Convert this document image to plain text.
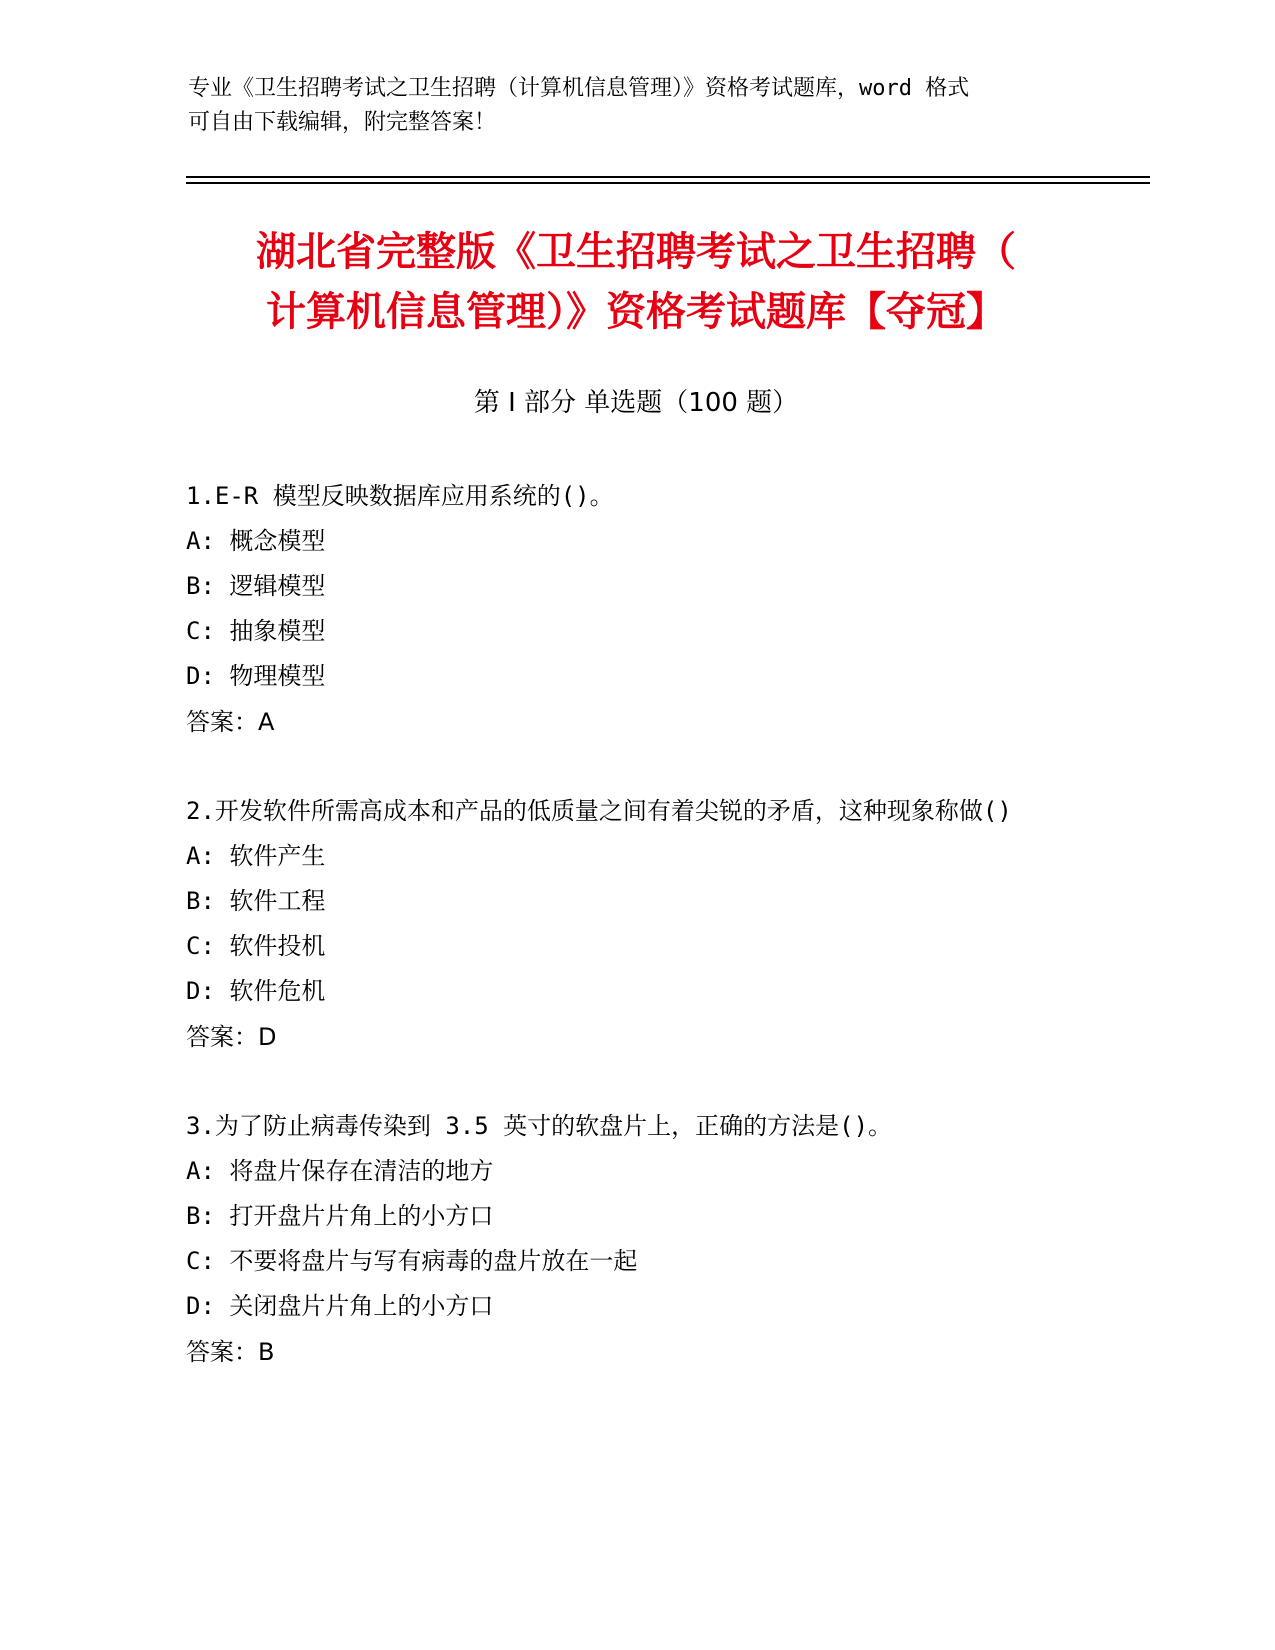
专业《卫生招聘考试之卫生招聘（计算机信息管理）》资格考试题库，word 格式
可自由下载编辑，附完整答案！
湖北省完整版《卫生招聘考试之卫生招聘（
计算机信息管理）》资格考试题库【夺冠】
第 I 部分 单选题（100 题）

1.E-R 模型反映数据库应用系统的()。

A: 概念模型

B: 逻辑模型

C: 抽象模型

D: 物理模型

答案：A

2.开发软件所需高成本和产品的低质量之间有着尖锐的矛盾，这种现象称做()

A: 软件产生

B: 软件工程

C: 软件投机

D: 软件危机

答案：D

3.为了防止病毒传染到 3.5 英寸的软盘片上，正确的方法是()。

A: 将盘片保存在清洁的地方

B: 打开盘片片角上的小方口

C: 不要将盘片与写有病毒的盘片放在一起

D: 关闭盘片片角上的小方口

答案：B
